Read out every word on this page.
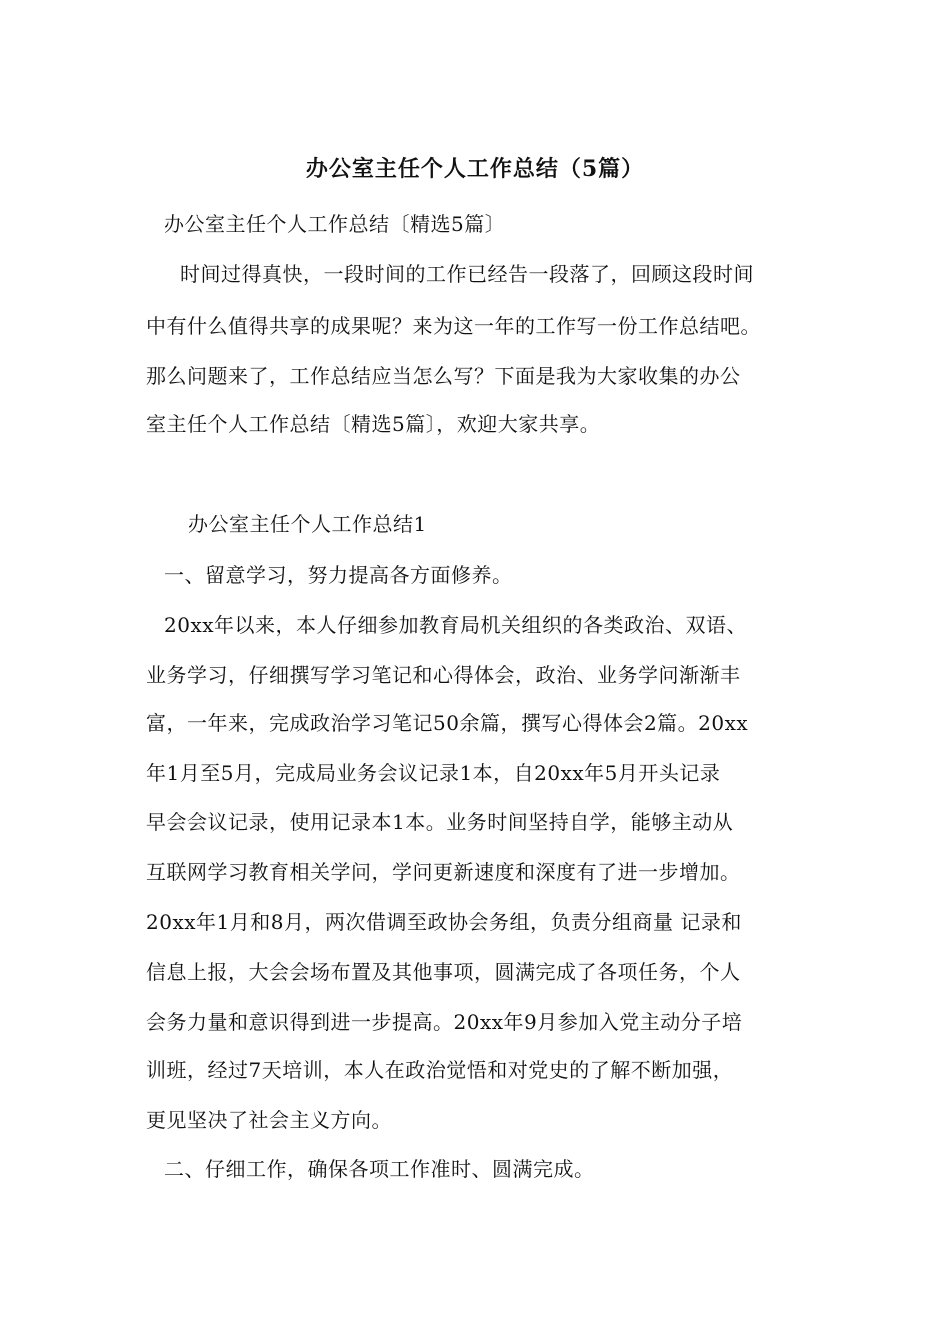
办公室主任个人工作总结（5篇）
办公室主任个人工作总结〔精选5篇〕
时间过得真快，一段时间的工作已经告一段落了，回顾这段时间
中有什么值得共享的成果呢？来为这一年的工作写一份工作总结吧。
那么问题来了，工作总结应当怎么写？下面是我为大家收集的办公
室主任个人工作总结〔精选5篇〕，欢迎大家共享。
办公室主任个人工作总结1
一、留意学习，努力提高各方面修养。
20xx年以来，本人仔细参加教育局机关组织的各类政治、双语、
业务学习，仔细撰写学习笔记和心得体会，政治、业务学问渐渐丰
富，一年来，完成政治学习笔记50余篇，撰写心得体会2篇。20xx
年1月至5月，完成局业务会议记录1本，自20xx年5月开头记录
早会会议记录，使用记录本1本。业务时间坚持自学，能够主动从
互联网学习教育相关学问，学问更新速度和深度有了进一步增加。
20xx年1月和8月，两次借调至政协会务组，负责分组商量 记录和
信息上报，大会会场布置及其他事项，圆满完成了各项任务，个人
会务力量和意识得到进一步提高。20xx年9月参加入党主动分子培
训班，经过7天培训，本人在政治觉悟和对党史的了解不断加强，
更见坚决了社会主义方向。
二、仔细工作，确保各项工作准时、圆满完成。
